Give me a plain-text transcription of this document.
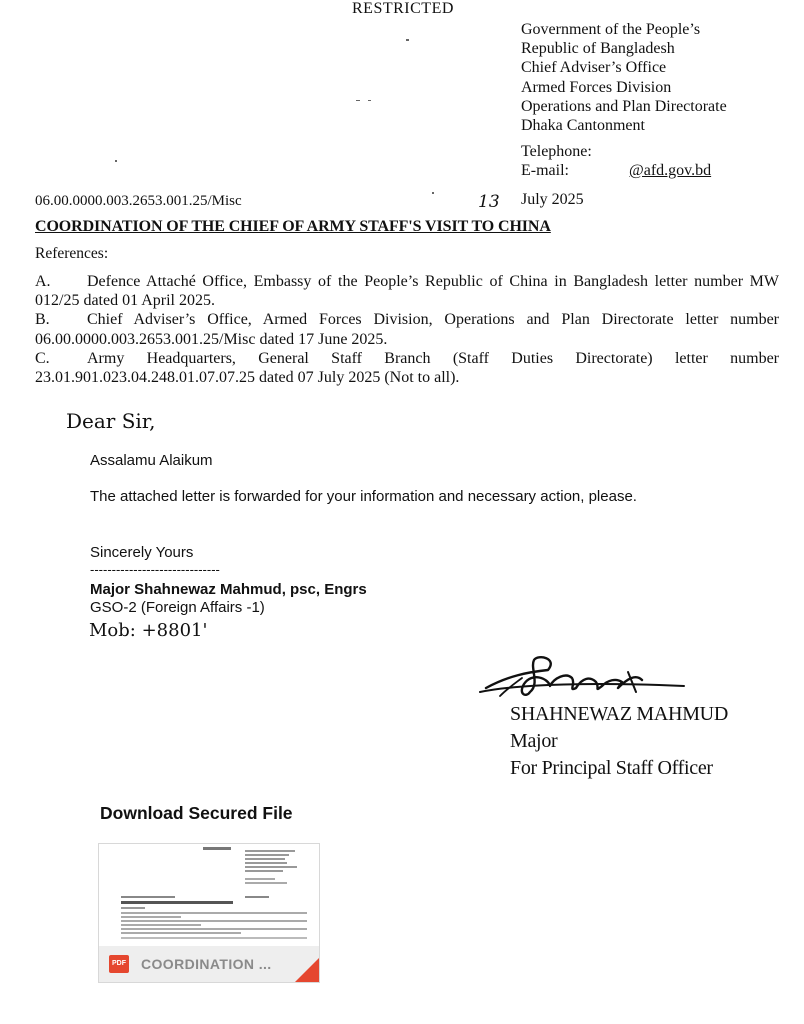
RESTRICTED
Government of the People’s
Republic of Bangladesh
Chief Adviser’s Office
Armed Forces Division
Operations and Plan Directorate
Dhaka Cantonment
Telephone:
E-mail:	@afd.gov.bd
06.00.0000.003.2653.001.25/Misc	13 July 2025
COORDINATION OF THE CHIEF OF ARMY STAFF'S VISIT TO CHINA
References:

A. Defence Attaché Office, Embassy of the People’s Republic of China in Bangladesh letter number MW 012/25 dated 01 April 2025.

B. Chief Adviser’s Office, Armed Forces Division, Operations and Plan Directorate letter number 06.00.0000.003.2653.001.25/Misc dated 17 June 2025.

C. Army Headquarters, General Staff Branch (Staff Duties Directorate) letter number 23.01.901.023.04.248.01.07.07.25 dated 07 July 2025 (Not to all).

Dear Sir,
Assalamu Alaikum
The attached letter is forwarded for your information and necessary action, please.
Sincerely Yours
------------------------------
Major Shahnewaz Mahmud, psc, Engrs
GSO-2 (Foreign Affairs -1)
Mob: +8801'
SHAHNEWAZ MAHMUD
Major
For Principal Staff Officer
Download Secured File
PDF COORDINATION ...
